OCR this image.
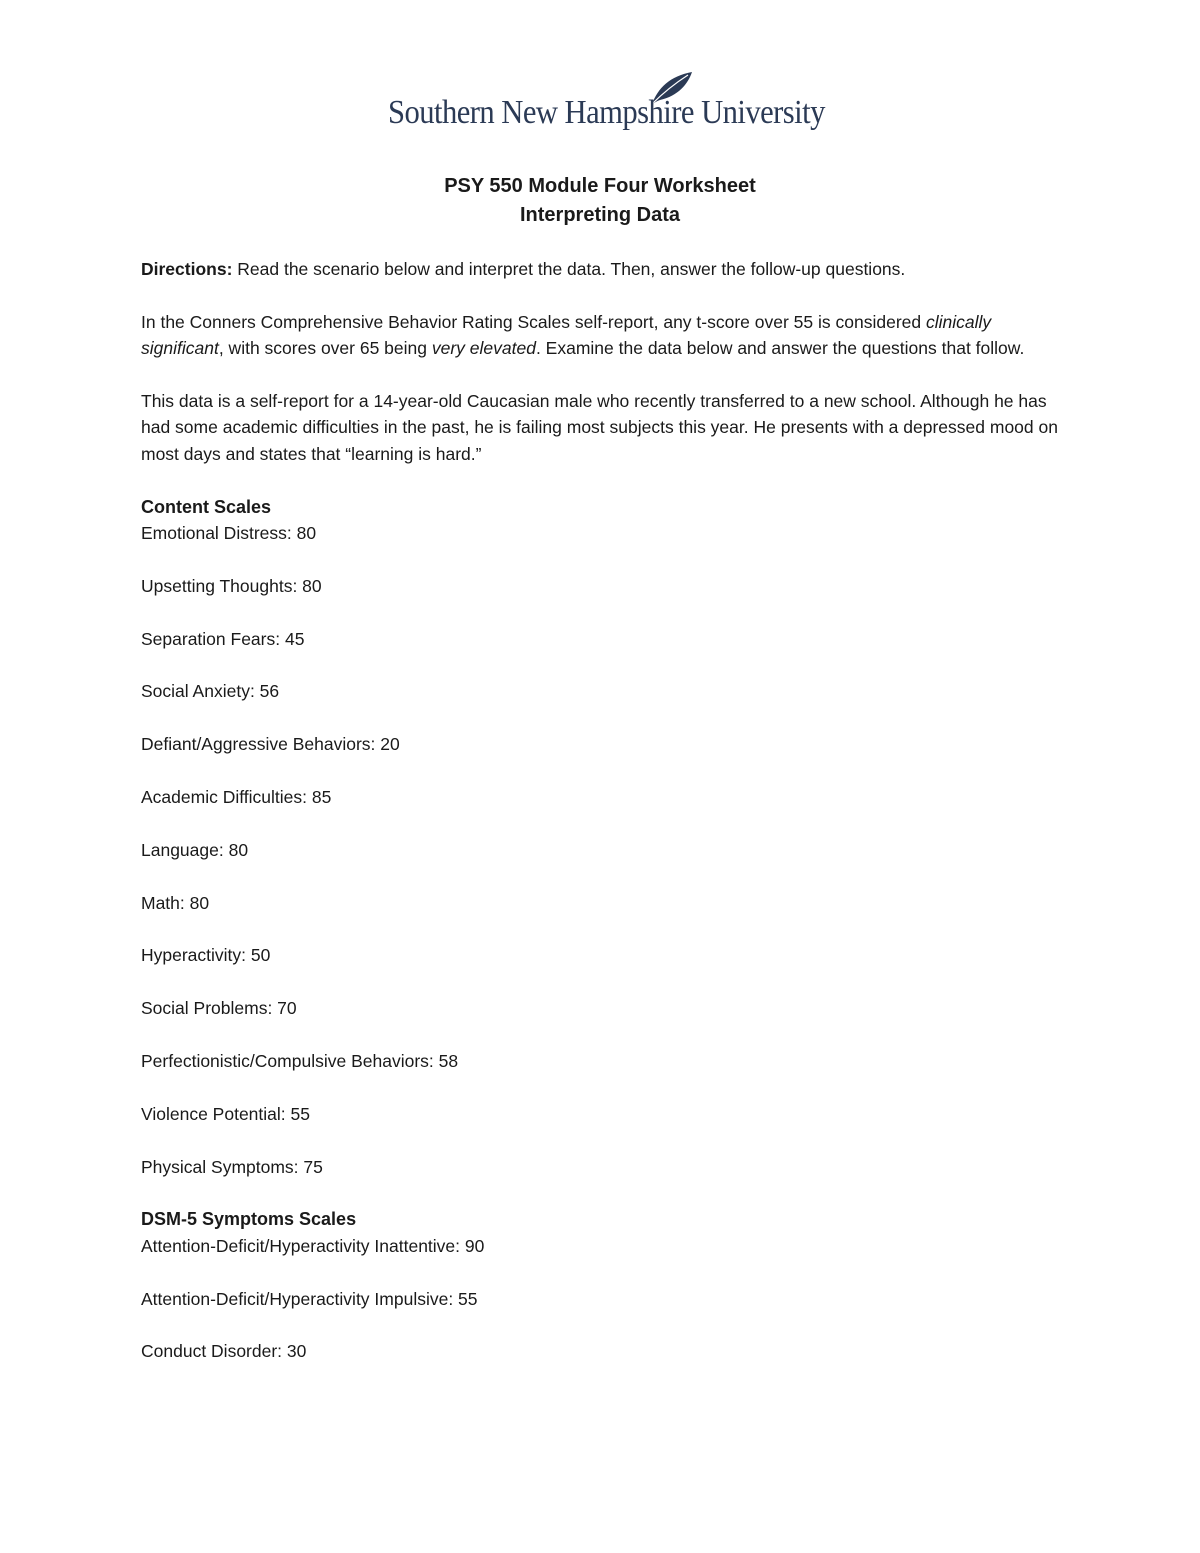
Southern New Hampshire University
PSY 550 Module Four Worksheet
Interpreting Data

Directions: Read the scenario below and interpret the data. Then, answer the follow-up questions.

In the Conners Comprehensive Behavior Rating Scales self-report, any t-score over 55 is considered clinically significant, with scores over 65 being very elevated. Examine the data below and answer the questions that follow.

This data is a self-report for a 14-year-old Caucasian male who recently transferred to a new school. Although he has had some academic difficulties in the past, he is failing most subjects this year. He presents with a depressed mood on most days and states that “learning is hard.”

Content Scales

Emotional Distress: 80

Upsetting Thoughts: 80

Separation Fears: 45

Social Anxiety: 56

Defiant/Aggressive Behaviors: 20

Academic Difficulties: 85

Language: 80

Math: 80

Hyperactivity: 50

Social Problems: 70

Perfectionistic/Compulsive Behaviors: 58

Violence Potential: 55

Physical Symptoms: 75

DSM-5 Symptoms Scales

Attention-Deficit/Hyperactivity Inattentive: 90

Attention-Deficit/Hyperactivity Impulsive: 55

Conduct Disorder: 30
